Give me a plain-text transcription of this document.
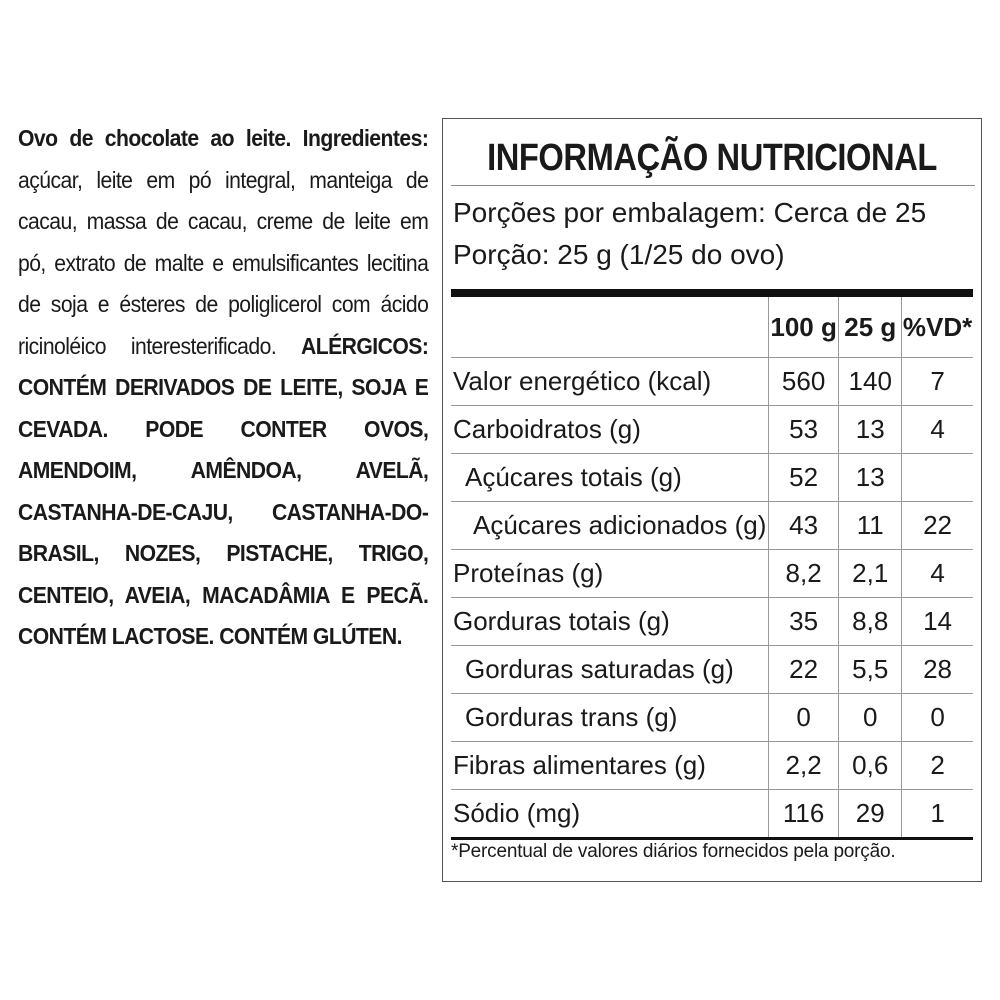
Ovo de chocolate ao leite. Ingredientes: açúcar, leite em pó integral, manteiga de cacau, massa de cacau, creme de leite em pó, extrato de malte e emulsificantes lecitina de soja e ésteres de poliglicerol com ácido ricinoléico interesterificado. ALÉRGICOS: CONTÉM DERIVADOS DE LEITE, SOJA E CEVADA. PODE CONTER OVOS, AMENDOIM, AMÊNDOA, AVELÃ, CASTANHA-DE-CAJU, CASTANHA-DO-BRASIL, NOZES, PISTACHE, TRIGO, CENTEIO, AVEIA, MACADÂMIA E PECÃ. CONTÉM LACTOSE. CONTÉM GLÚTEN.
INFORMAÇÃO NUTRICIONAL
Porções por embalagem: Cerca de 25
Porção: 25 g (1/25 do ovo)
	100 g	25 g	%VD*
Valor energético (kcal)	560	140	7
Carboidratos (g)	53	13	4
Açúcares totais (g)	52	13	
Açúcares adicionados (g)	43	11	22
Proteínas (g)	8,2	2,1	4
Gorduras totais (g)	35	8,8	14
Gorduras saturadas (g)	22	5,5	28
Gorduras trans (g)	0	0	0
Fibras alimentares (g)	2,2	0,6	2
Sódio (mg)	116	29	1
*Percentual de valores diários fornecidos pela porção.
